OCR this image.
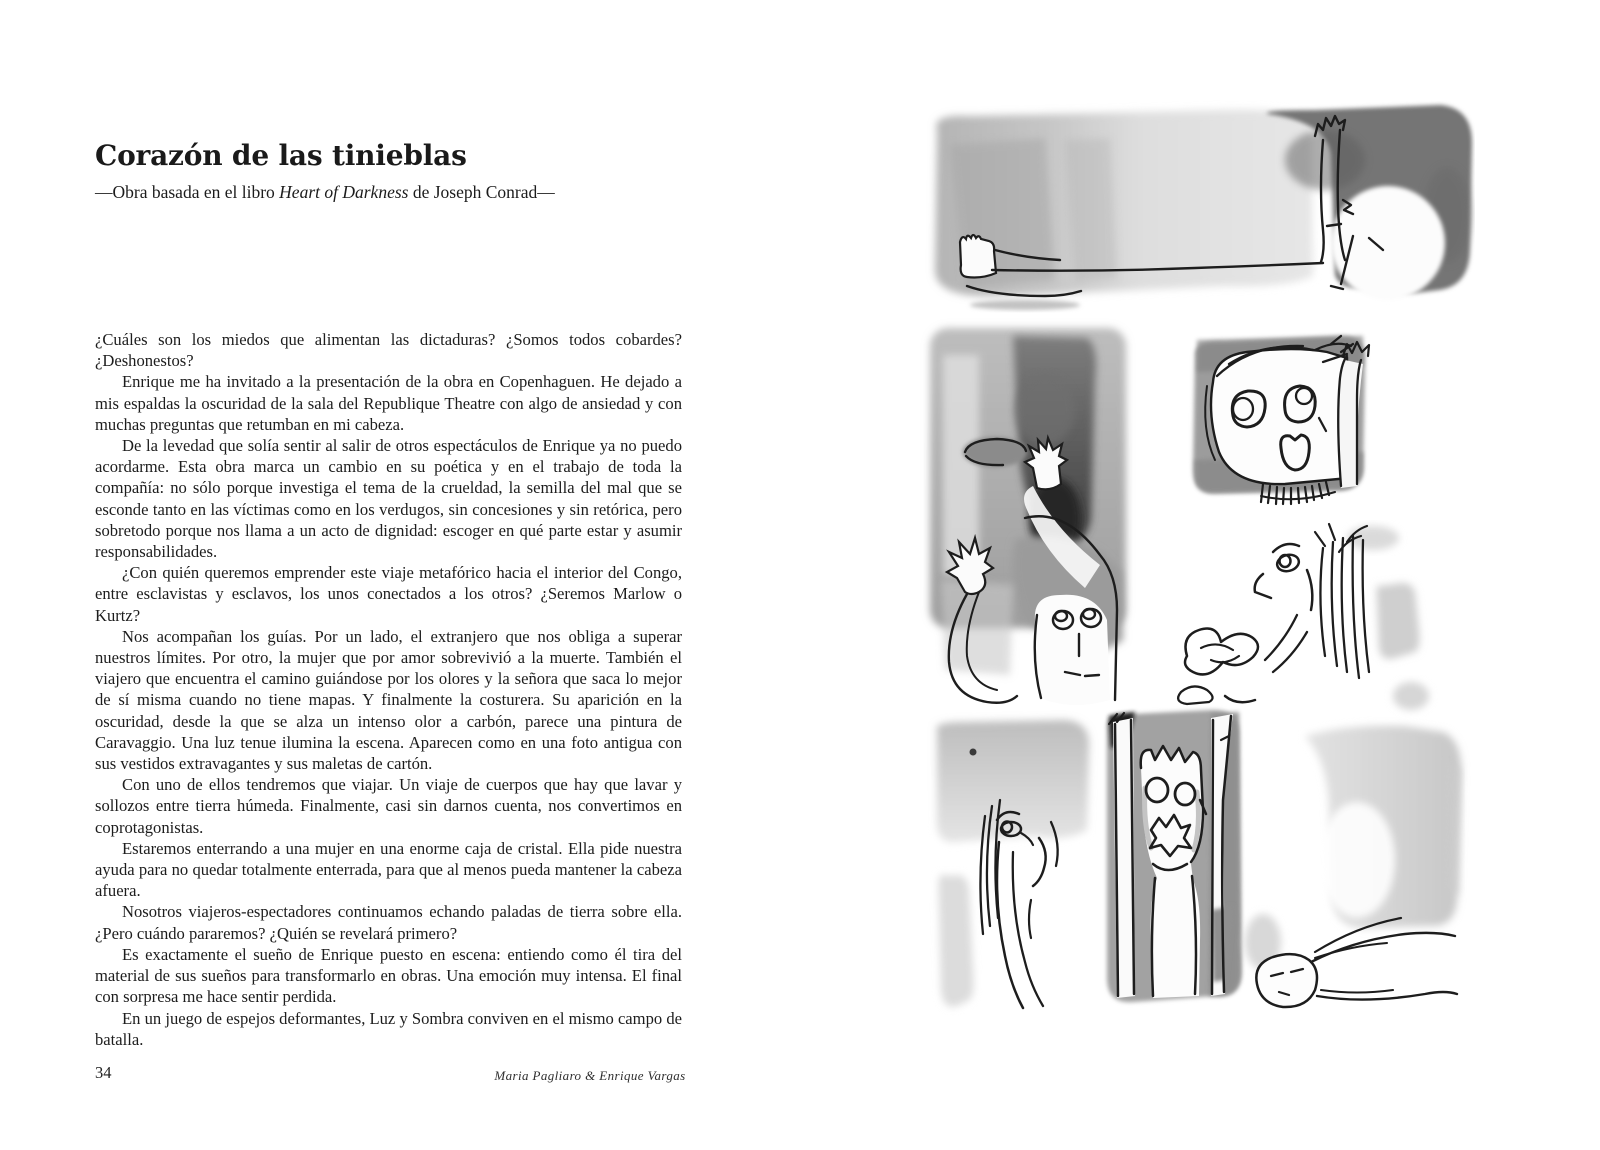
Corazón de las tinieblas

—Obra basada en el libro Heart of Darkness de Joseph Conrad—

¿Cuáles son los miedos que alimentan las dictaduras? ¿Somos todos cobardes? ¿Deshonestos?

Enrique me ha invitado a la presentación de la obra en Copenhaguen. He dejado a mis espaldas la oscuridad de la sala del Republique Theatre con algo de ansiedad y con muchas preguntas que retumban en mi cabeza.

De la levedad que solía sentir al salir de otros espectáculos de Enrique ya no puedo acordarme. Esta obra marca un cambio en su poética y en el trabajo de toda la compañía: no sólo porque investiga el tema de la crueldad, la semilla del mal que se esconde tanto en las víctimas como en los verdugos, sin concesiones y sin retórica, pero sobretodo porque nos llama a un acto de dignidad: escoger en qué parte estar y asumir responsabilidades.

¿Con quién queremos emprender este viaje metafórico hacia el interior del Congo, entre esclavistas y esclavos, los unos conectados a los otros? ¿Seremos Marlow o Kurtz?

Nos acompañan los guías. Por un lado, el extranjero que nos obliga a superar nuestros límites. Por otro, la mujer que por amor sobrevivió a la muerte. También el viajero que encuentra el camino guiándose por los olores y la señora que saca lo mejor de sí misma cuando no tiene mapas. Y finalmente la costurera. Su aparición en la oscuridad, desde la que se alza un intenso olor a carbón, parece una pintura de Caravaggio. Una luz tenue ilumina la escena. Aparecen como en una foto antigua con sus vestidos extravagantes y sus maletas de cartón.

Con uno de ellos tendremos que viajar. Un viaje de cuerpos que hay que lavar y sollozos entre tierra húmeda. Finalmente, casi sin darnos cuenta, nos convertimos en coprotagonistas.

Estaremos enterrando a una mujer en una enorme caja de cristal. Ella pide nuestra ayuda para no quedar totalmente enterrada, para que al menos pueda mantener la cabeza afuera.

Nosotros viajeros-espectadores continuamos echando paladas de tierra sobre ella. ¿Pero cuándo pararemos? ¿Quién se revelará primero?

Es exactamente el sueño de Enrique puesto en escena: entiendo como él tira del material de sus sueños para transformarlo en obras. Una emoción muy intensa. El final con sorpresa me hace sentir perdida.

En un juego de espejos deformantes, Luz y Sombra conviven en el mismo campo de batalla.

34	Maria Pagliaro & Enrique Vargas
